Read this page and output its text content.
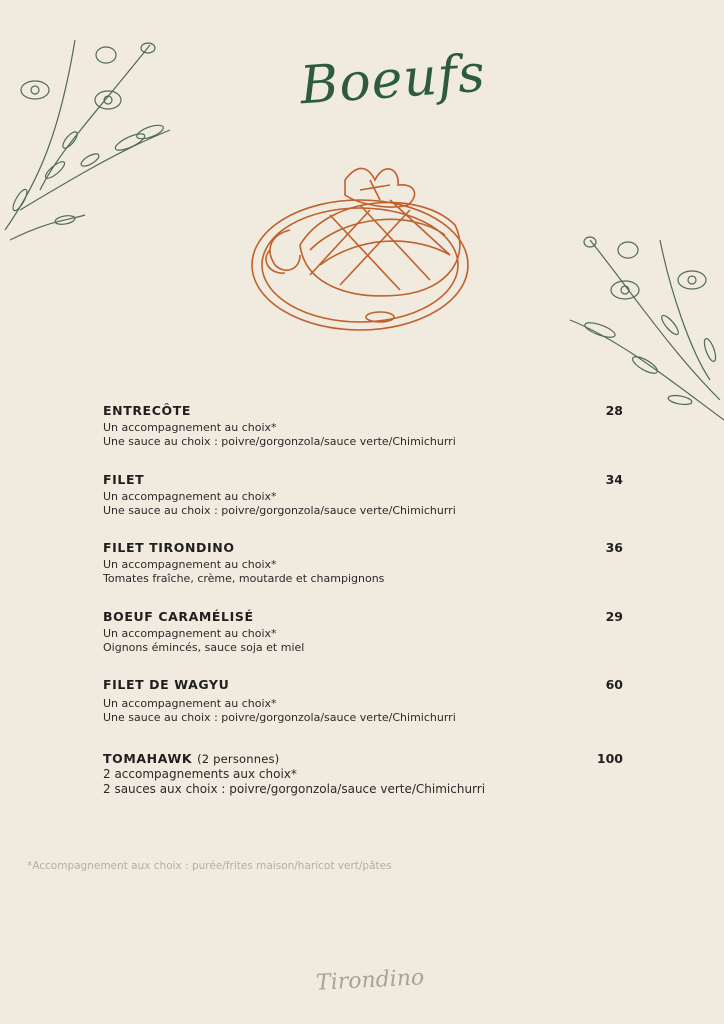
Boeufs
ENTRECÔTE	28
Un accompagnement au choix*
Une sauce au choix : poivre/gorgonzola/sauce verte/Chimichurri
FILET	34
Un accompagnement au choix*
Une sauce au choix : poivre/gorgonzola/sauce verte/Chimichurri
FILET TIRONDINO	36
Un accompagnement au choix*
Tomates fraîche, crème, moutarde et champignons
BOEUF CARAMÉLISÉ	29
Un accompagnement au choix*
Oignons émincés, sauce soja et miel
FILET DE WAGYU	60
Un accompagnement au choix*
Une sauce au choix : poivre/gorgonzola/sauce verte/Chimichurri
TOMAHAWK (2 personnes)	100
2 accompagnements aux choix*
2 sauces aux choix : poivre/gorgonzola/sauce verte/Chimichurri
*Accompagnement aux choix : purée/frites maison/haricot vert/pâtes
Tirondino
